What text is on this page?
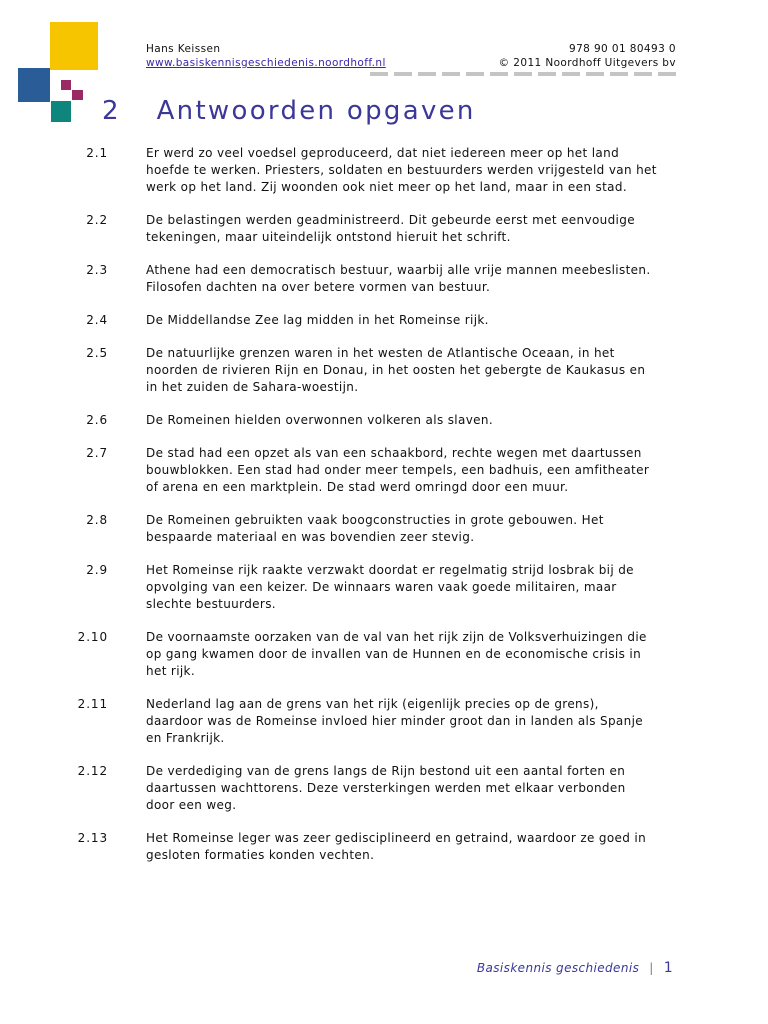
Hans Keissen
www.basiskennisgeschiedenis.noordhoff.nl
978 90 01 80493 0
© 2011 Noordhoff Uitgevers bv
2 Antwoorden opgaven
2.1	Er werd zo veel voedsel geproduceerd, dat niet iedereen meer op het land hoefde te werken. Priesters, soldaten en bestuurders werden vrijgesteld van het werk op het land. Zij woonden ook niet meer op het land, maar in een stad.
2.2	De belastingen werden geadministreerd. Dit gebeurde eerst met eenvoudige tekeningen, maar uiteindelijk ontstond hieruit het schrift.
2.3	Athene had een democratisch bestuur, waarbij alle vrije mannen meebeslisten. Filosofen dachten na over betere vormen van bestuur.
2.4	De Middellandse Zee lag midden in het Romeinse rijk.
2.5	De natuurlijke grenzen waren in het westen de Atlantische Oceaan, in het noorden de rivieren Rijn en Donau, in het oosten het gebergte de Kaukasus en in het zuiden de Sahara-woestijn.
2.6	De Romeinen hielden overwonnen volkeren als slaven.
2.7	De stad had een opzet als van een schaakbord, rechte wegen met daartussen bouwblokken. Een stad had onder meer tempels, een badhuis, een amfitheater of arena en een marktplein. De stad werd omringd door een muur.
2.8	De Romeinen gebruikten vaak boogconstructies in grote gebouwen. Het bespaarde materiaal en was bovendien zeer stevig.
2.9	Het Romeinse rijk raakte verzwakt doordat er regelmatig strijd losbrak bij de opvolging van een keizer. De winnaars waren vaak goede militairen, maar slechte bestuurders.
2.10	De voornaamste oorzaken van de val van het rijk zijn de Volksverhuizingen die op gang kwamen door de invallen van de Hunnen en de economische crisis in het rijk.
2.11	Nederland lag aan de grens van het rijk (eigenlijk precies op de grens), daardoor was de Romeinse invloed hier minder groot dan in landen als Spanje en Frankrijk.
2.12	De verdediging van de grens langs de Rijn bestond uit een aantal forten en daartussen wachttorens. Deze versterkingen werden met elkaar verbonden door een weg.
2.13	Het Romeinse leger was zeer gedisciplineerd en getraind, waardoor ze goed in gesloten formaties konden vechten.
Basiskennis geschiedenis | 1
